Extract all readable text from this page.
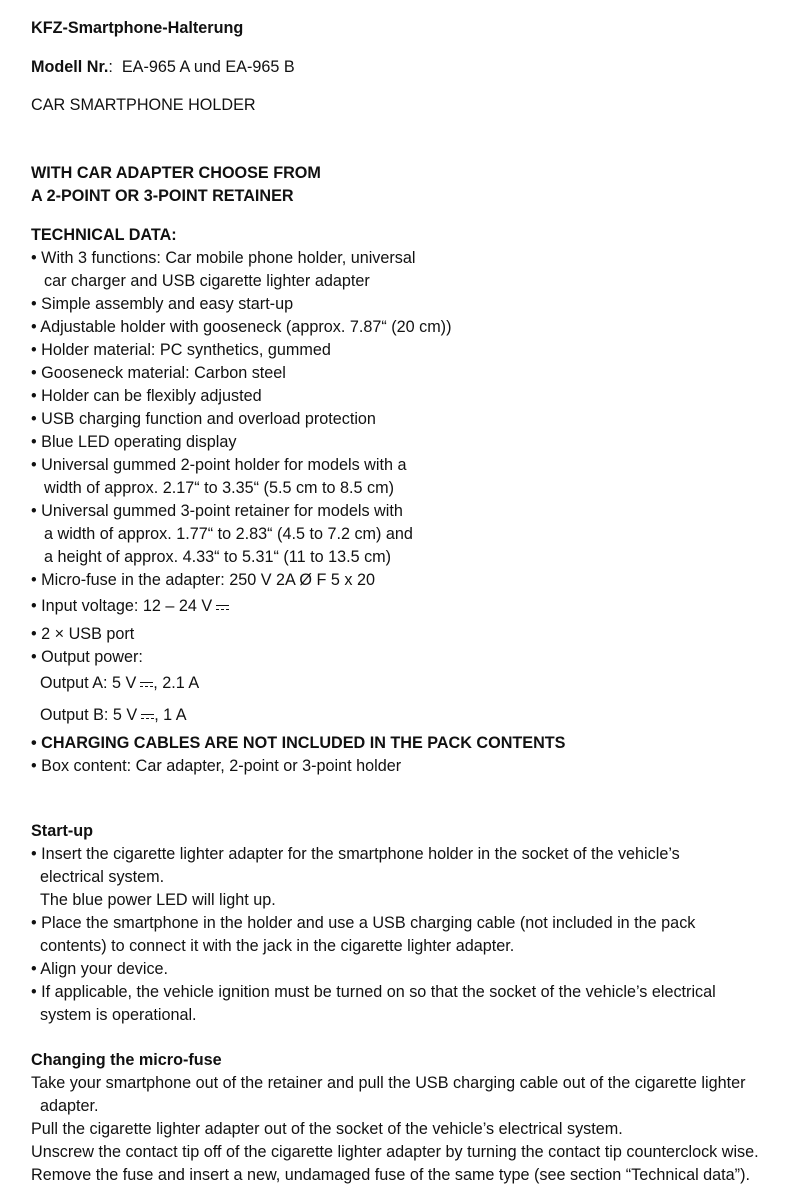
KFZ-Smartphone-Halterung
Modell Nr.: EA-965 A und EA-965 B
CAR SMARTPHONE HOLDER
WITH CAR ADAPTER CHOOSE FROM
A 2-POINT OR 3-POINT RETAINER
TECHNICAL DATA:
• With 3 functions: Car mobile phone holder, universal
car charger and USB cigarette lighter adapter
• Simple assembly and easy start-up
• Adjustable holder with gooseneck (approx. 7.87“ (20 cm))
• Holder material: PC synthetics, gummed
• Gooseneck material: Carbon steel
• Holder can be flexibly adjusted
• USB charging function and overload protection
• Blue LED operating display
• Universal gummed 2-point holder for models with a
width of approx. 2.17“ to 3.35“ (5.5 cm to 8.5 cm)
• Universal gummed 3-point retainer for models with
a width of approx. 1.77“ to 2.83“ (4.5 to 7.2 cm) and
a height of approx. 4.33“ to 5.31“ (11 to 13.5 cm)
• Micro-fuse in the adapter: 250 V 2A Ø F 5 x 20
• Input voltage: 12 – 24 V
• 2 × USB port
• Output power:
Output A: 5 V , 2.1 A
Output B: 5 V , 1 A
• CHARGING CABLES ARE NOT INCLUDED IN THE PACK CONTENTS
• Box content: Car adapter, 2-point or 3-point holder
Start-up
• Insert the cigarette lighter adapter for the smartphone holder in the socket of the vehicle’s
electrical system.
The blue power LED will light up.
• Place the smartphone in the holder and use a USB charging cable (not included in the pack
contents) to connect it with the jack in the cigarette lighter adapter.
• Align your device.
• If applicable, the vehicle ignition must be turned on so that the socket of the vehicle’s electrical
system is operational.
Changing the micro-fuse
Take your smartphone out of the retainer and pull the USB charging cable out of the cigarette lighter
adapter.
Pull the cigarette lighter adapter out of the socket of the vehicle’s electrical system.
Unscrew the contact tip off of the cigarette lighter adapter by turning the contact tip counterclock wise.
Remove the fuse and insert a new, undamaged fuse of the same type (see section “Technical data”).
